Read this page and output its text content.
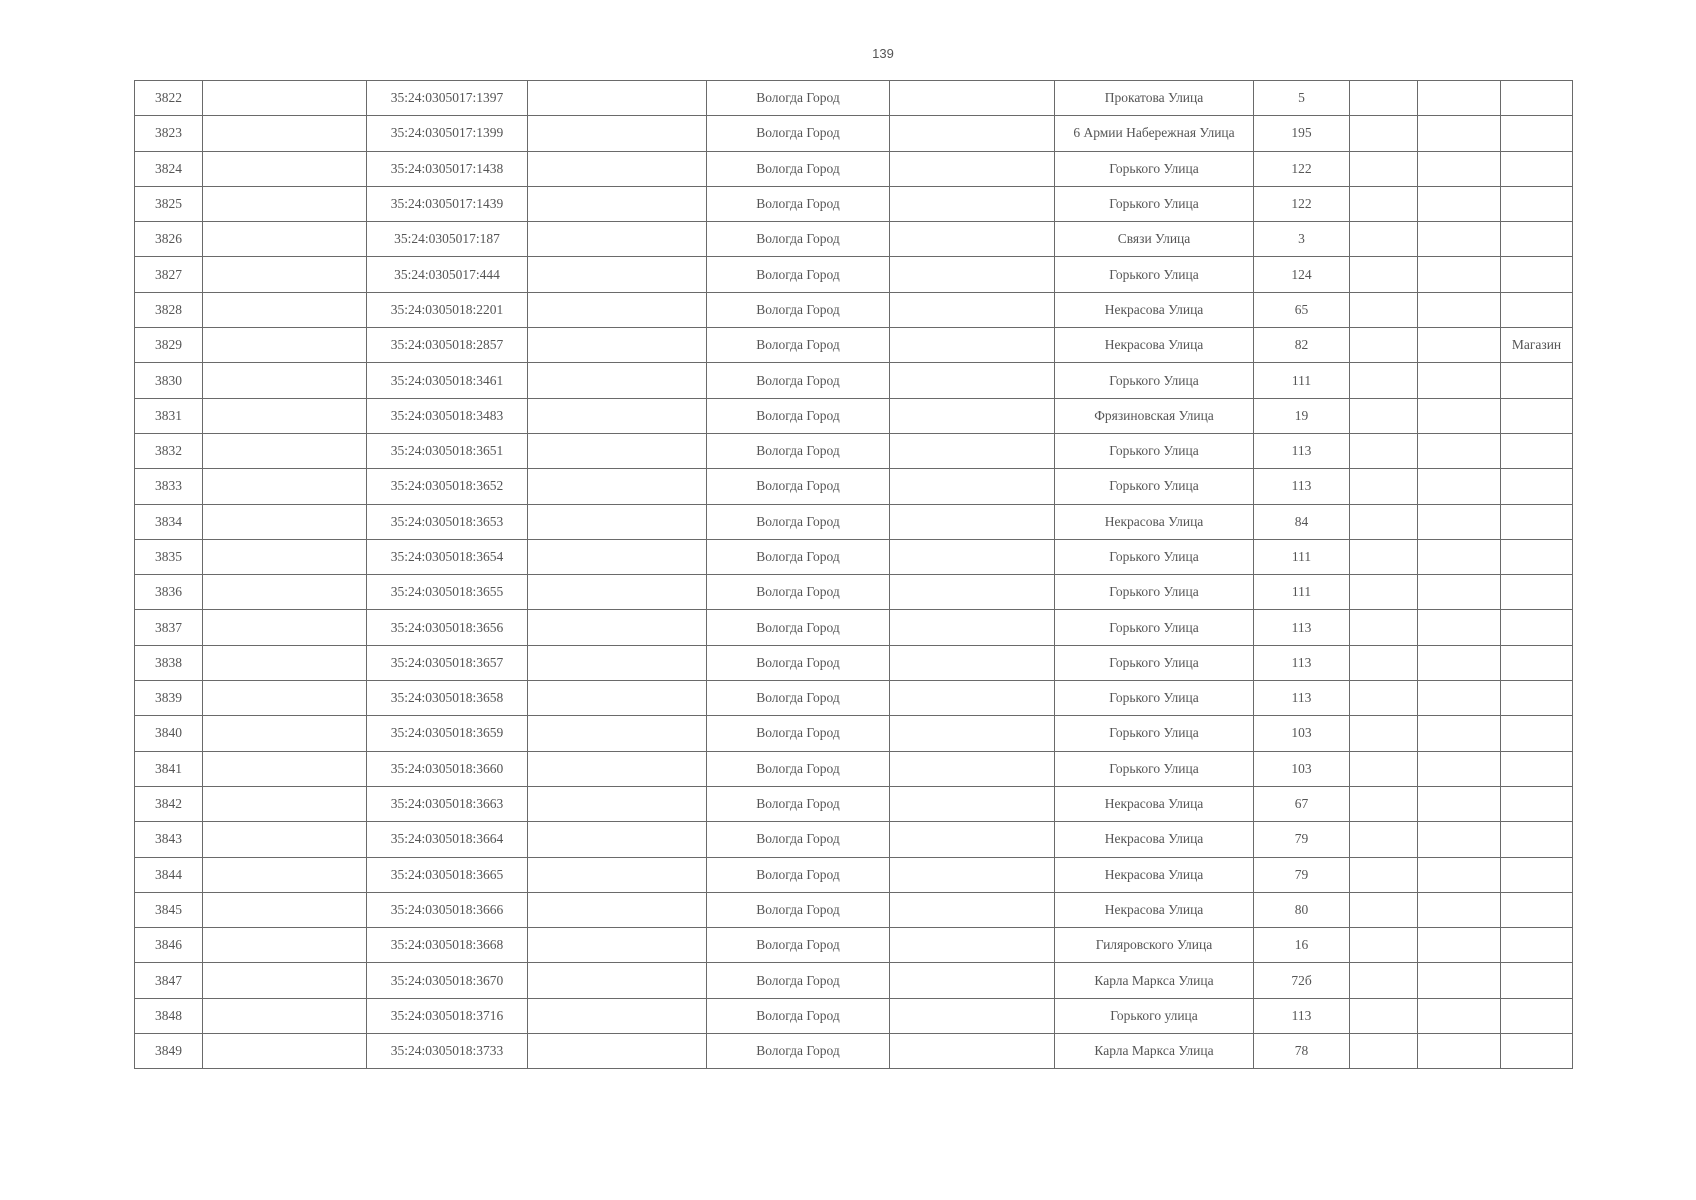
139
3822		35:24:0305017:1397		Вологда Город		Прокатова Улица	5			
3823		35:24:0305017:1399		Вологда Город		6 Армии Набережная Улица	195			
3824		35:24:0305017:1438		Вологда Город		Горького Улица	122			
3825		35:24:0305017:1439		Вологда Город		Горького Улица	122			
3826		35:24:0305017:187		Вологда Город		Связи Улица	3			
3827		35:24:0305017:444		Вологда Город		Горького Улица	124			
3828		35:24:0305018:2201		Вологда Город		Некрасова Улица	65			
3829		35:24:0305018:2857		Вологда Город		Некрасова Улица	82			Магазин
3830		35:24:0305018:3461		Вологда Город		Горького Улица	111			
3831		35:24:0305018:3483		Вологда Город		Фрязиновская Улица	19			
3832		35:24:0305018:3651		Вологда Город		Горького Улица	113			
3833		35:24:0305018:3652		Вологда Город		Горького Улица	113			
3834		35:24:0305018:3653		Вологда Город		Некрасова Улица	84			
3835		35:24:0305018:3654		Вологда Город		Горького Улица	111			
3836		35:24:0305018:3655		Вологда Город		Горького Улица	111			
3837		35:24:0305018:3656		Вологда Город		Горького Улица	113			
3838		35:24:0305018:3657		Вологда Город		Горького Улица	113			
3839		35:24:0305018:3658		Вологда Город		Горького Улица	113			
3840		35:24:0305018:3659		Вологда Город		Горького Улица	103			
3841		35:24:0305018:3660		Вологда Город		Горького Улица	103			
3842		35:24:0305018:3663		Вологда Город		Некрасова Улица	67			
3843		35:24:0305018:3664		Вологда Город		Некрасова Улица	79			
3844		35:24:0305018:3665		Вологда Город		Некрасова Улица	79			
3845		35:24:0305018:3666		Вологда Город		Некрасова Улица	80			
3846		35:24:0305018:3668		Вологда Город		Гиляровского Улица	16			
3847		35:24:0305018:3670		Вологда Город		Карла Маркса Улица	72б			
3848		35:24:0305018:3716		Вологда Город		Горького улица	113			
3849		35:24:0305018:3733		Вологда Город		Карла Маркса Улица	78			
